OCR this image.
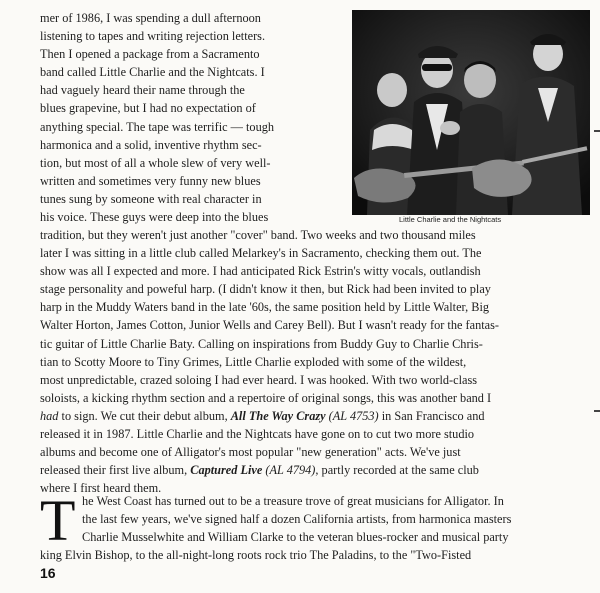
mer of 1986, I was spending a dull afternoon
listening to tapes and writing rejection letters.
Then I opened a package from a Sacramento
band called Little Charlie and the Nightcats. I
had vaguely heard their name through the
blues grapevine, but I had no expectation of
anything special. The tape was terrific — tough
harmonica and a solid, inventive rhythm sec-
tion, but most of all a whole slew of very well-
written and sometimes very funny new blues
tunes sung by someone with real character in
his voice. These guys were deep into the blues	Little Charlie and the Nightcats
tradition, but they weren't just another "cover" band. Two weeks and two thousand miles
later I was sitting in a little club called Melarkey's in Sacramento, checking them out. The
show was all I expected and more. I had anticipated Rick Estrin's witty vocals, outlandish
stage personality and poweful harp. (I didn't know it then, but Rick had been invited to play
harp in the Muddy Waters band in the late '60s, the same position held by Little Walter, Big
Walter Horton, James Cotton, Junior Wells and Carey Bell). But I wasn't ready for the fantas-
tic guitar of Little Charlie Baty. Calling on inspirations from Buddy Guy to Charlie Chris-
tian to Scotty Moore to Tiny Grimes, Little Charlie exploded with some of the wildest,
most unpredictable, crazed soloing I had ever heard. I was hooked. With two world-class
soloists, a kicking rhythm section and a repertoire of original songs, this was another band I
had to sign. We cut their debut album, All The Way Crazy (AL 4753) in San Francisco and
released it in 1987. Little Charlie and the Nightcats have gone on to cut two more studio
albums and become one of Alligator's most popular "new generation" acts. We've just
released their first live album, Captured Live (AL 4794), partly recorded at the same club
where I first heard them.
T he West Coast has turned out to be a treasure trove of great musicians for Alligator. In
the last few years, we've signed half a dozen California artists, from harmonica masters
Charlie Musselwhite and William Clarke to the veteran blues-rocker and musical party
king Elvin Bishop, to the all-night-long roots rock trio The Paladins, to the "Two-Fisted
16
